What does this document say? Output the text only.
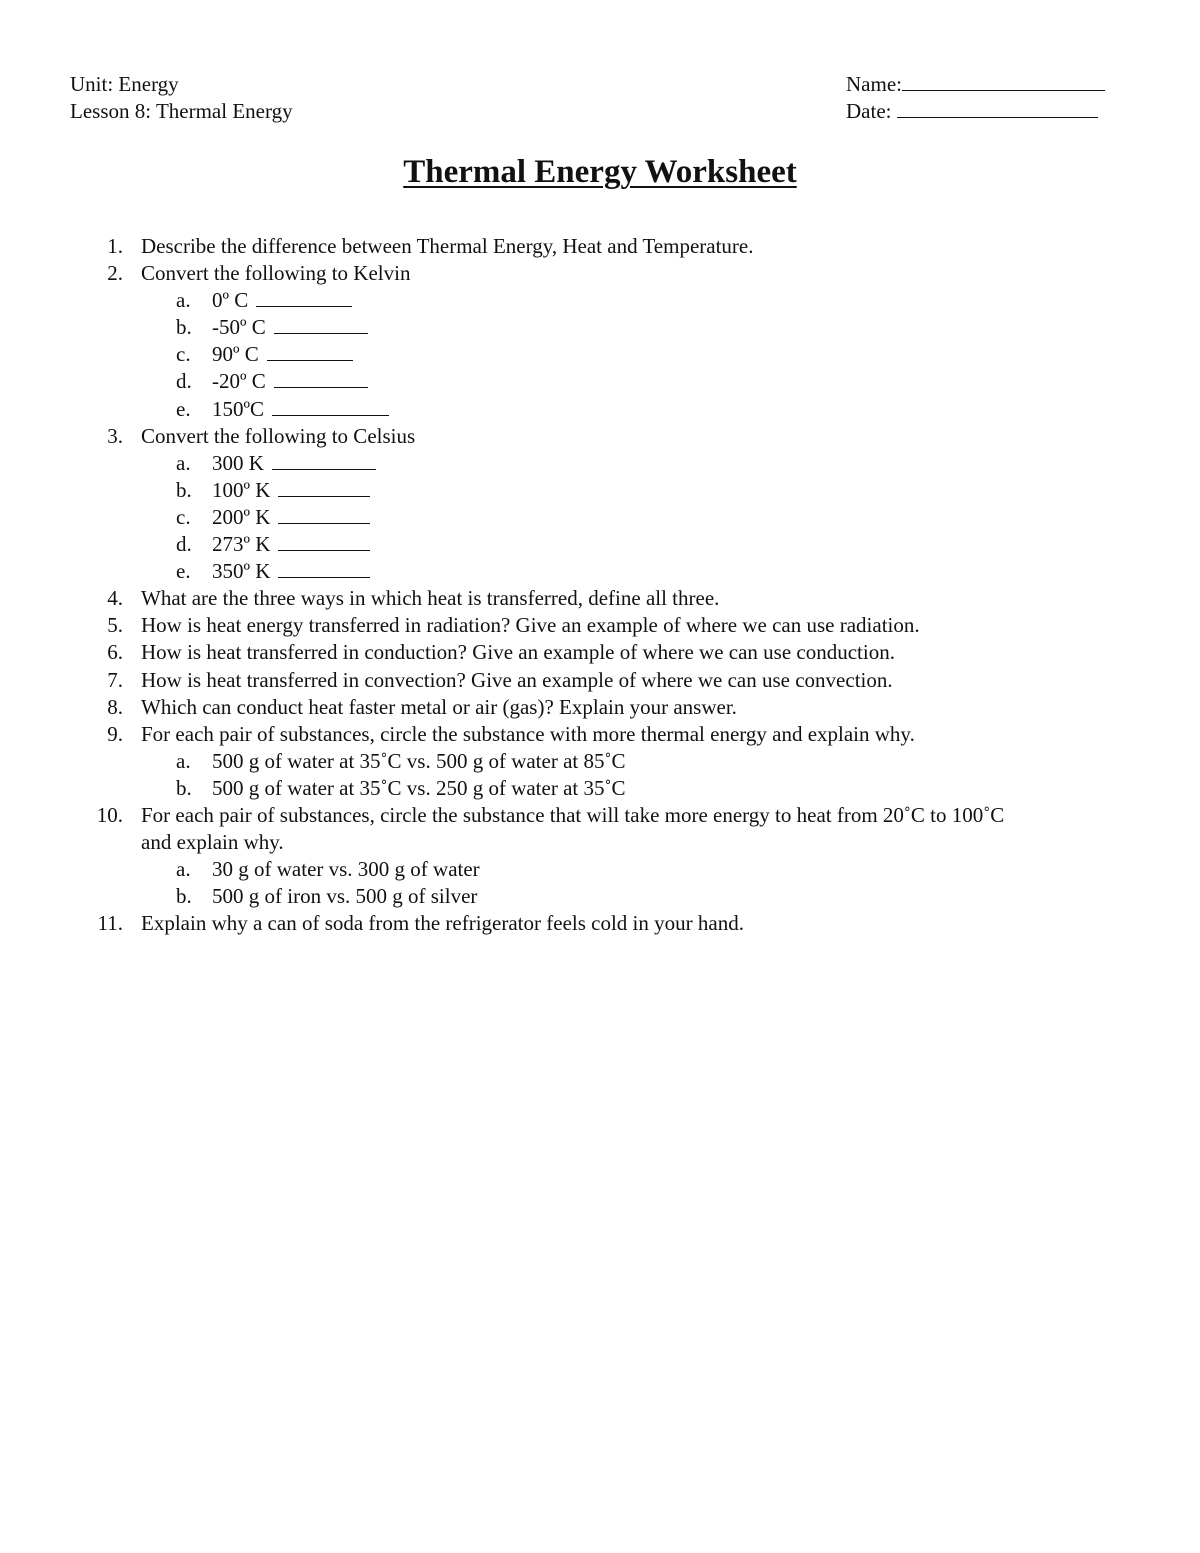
Unit: Energy
Lesson 8: Thermal Energy
Name:
Date:
Thermal Energy Worksheet
1. Describe the difference between Thermal Energy, Heat and Temperature.
2. Convert the following to Kelvin
a. 0º C
b. -50º C
c. 90º C
d. -20º C
e. 150ºC
3. Convert the following to Celsius
a. 300 K
b. 100º K
c. 200º K
d. 273º K
e. 350º K
4. What are the three ways in which heat is transferred, define all three.
5. How is heat energy transferred in radiation? Give an example of where we can use radiation.
6. How is heat transferred in conduction? Give an example of where we can use conduction.
7. How is heat transferred in convection? Give an example of where we can use convection.
8. Which can conduct heat faster metal or air (gas)? Explain your answer.
9. For each pair of substances, circle the substance with more thermal energy and explain why.
a. 500 g of water at 35˚C vs. 500 g of water at 85˚C
b. 500 g of water at 35˚C vs. 250 g of water at 35˚C
10. For each pair of substances, circle the substance that will take more energy to heat from 20˚C to 100˚C
and explain why.
a. 30 g of water vs. 300 g of water
b. 500 g of iron vs. 500 g of silver
11. Explain why a can of soda from the refrigerator feels cold in your hand.
